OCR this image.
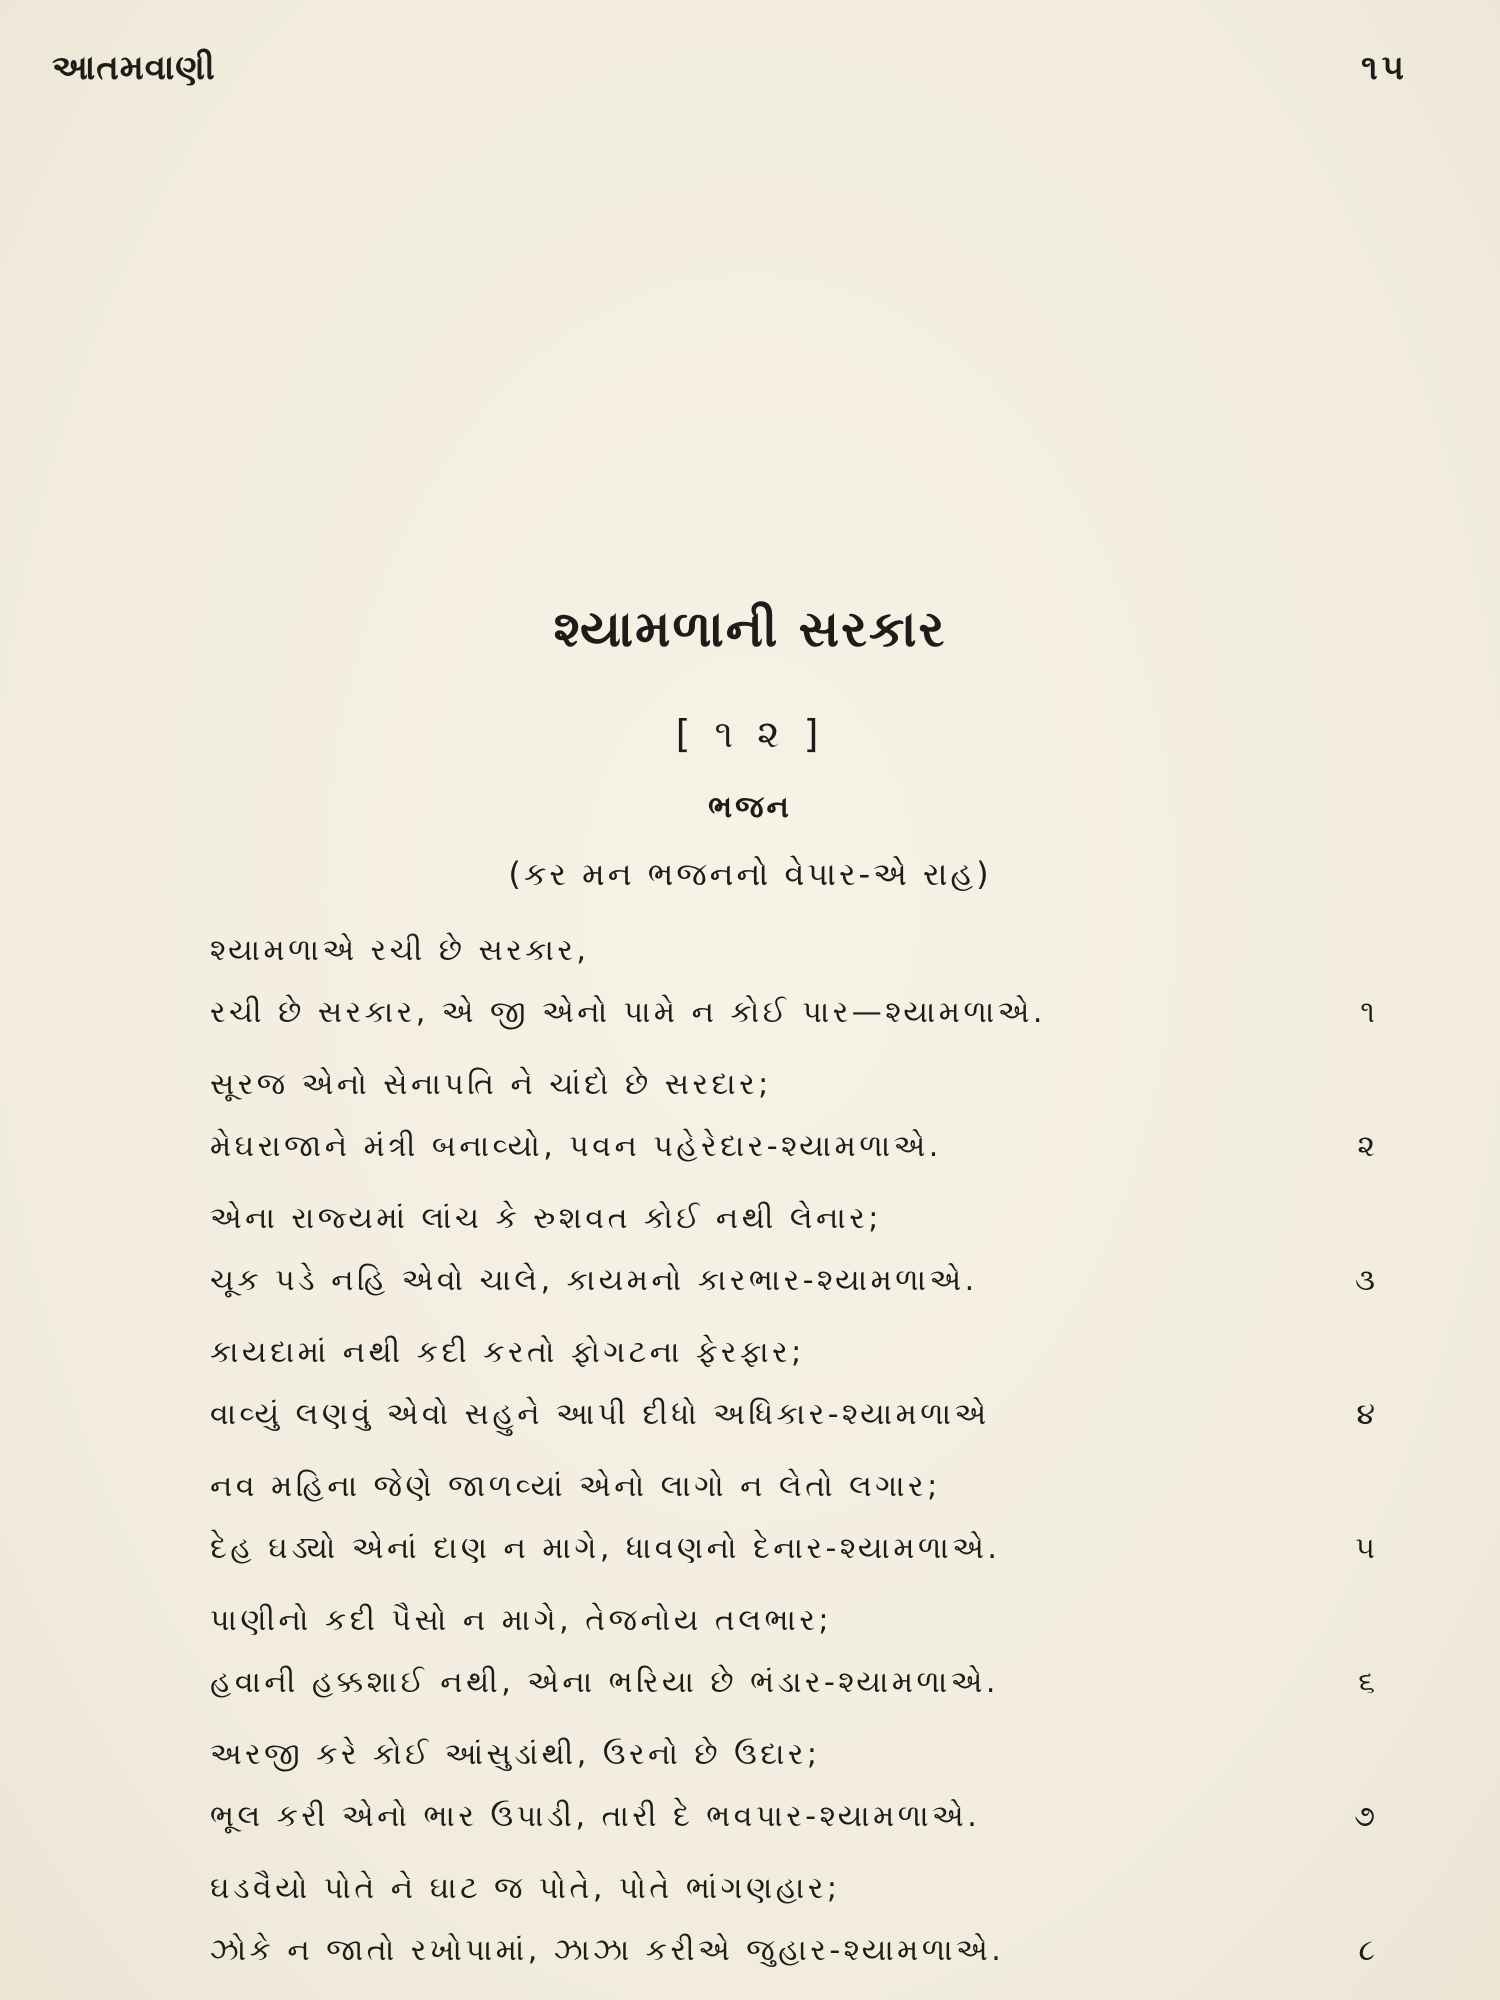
આતમવાણી	૧૫
શ્યામળાની સરકાર
[ ૧ ૨ ]
ભજન
(કર મન ભજનનો વેપાર-એ રાહ)
શ્યામળાએ રચી છે સરકાર,
રચી છે સરકાર, એ જી એનો પામે ન કોઈ પાર—શ્યામળાએ.	૧
સૂરજ એનો સેનાપતિ ને ચાંદો છે સરદાર;
મેઘરાજાને મંત્રી બનાવ્યો, પવન પહેરેદાર-શ્યામળાએ.	૨
એના રાજ્યમાં લાંચ કે રુશવત કોઈ નથી લેનાર;
ચૂક પડે નહિ એવો ચાલે, કાયમનો કારભાર-શ્યામળાએ.	૩
કાયદામાં નથી કદી કરતો ફોગટના ફેરફાર;
વાવ્યું લણવું એવો સહુને આપી દીધો અધિકાર-શ્યામળાએ	૪
નવ મહિના જેણે જાળવ્યાં એનો લાગો ન લેતો લગાર;
દેહ ઘડ્યો એનાં દાણ ન માગે, ધાવણનો દેનાર-શ્યામળાએ.	૫
પાણીનો કદી પૈસો ન માગે, તેજનોય તલભાર;
હવાની હક્કશાઈ નથી, એના ભરિયા છે ભંડાર-શ્યામળાએ.	૬
અરજી કરે કોઈ આંસુડાંથી, ઉરનો છે ઉદાર;
ભૂલ કરી એનો ભાર ઉપાડી, તારી દે ભવપાર-શ્યામળાએ.	૭
ઘડવૈયો પોતે ને ઘાટ જ પોતે, પોતે ભાંગણહાર;
ઝોકે ન જાતો રખોપામાં, ઝાઝા કરીએ જુહાર-શ્યામળાએ.	૮
